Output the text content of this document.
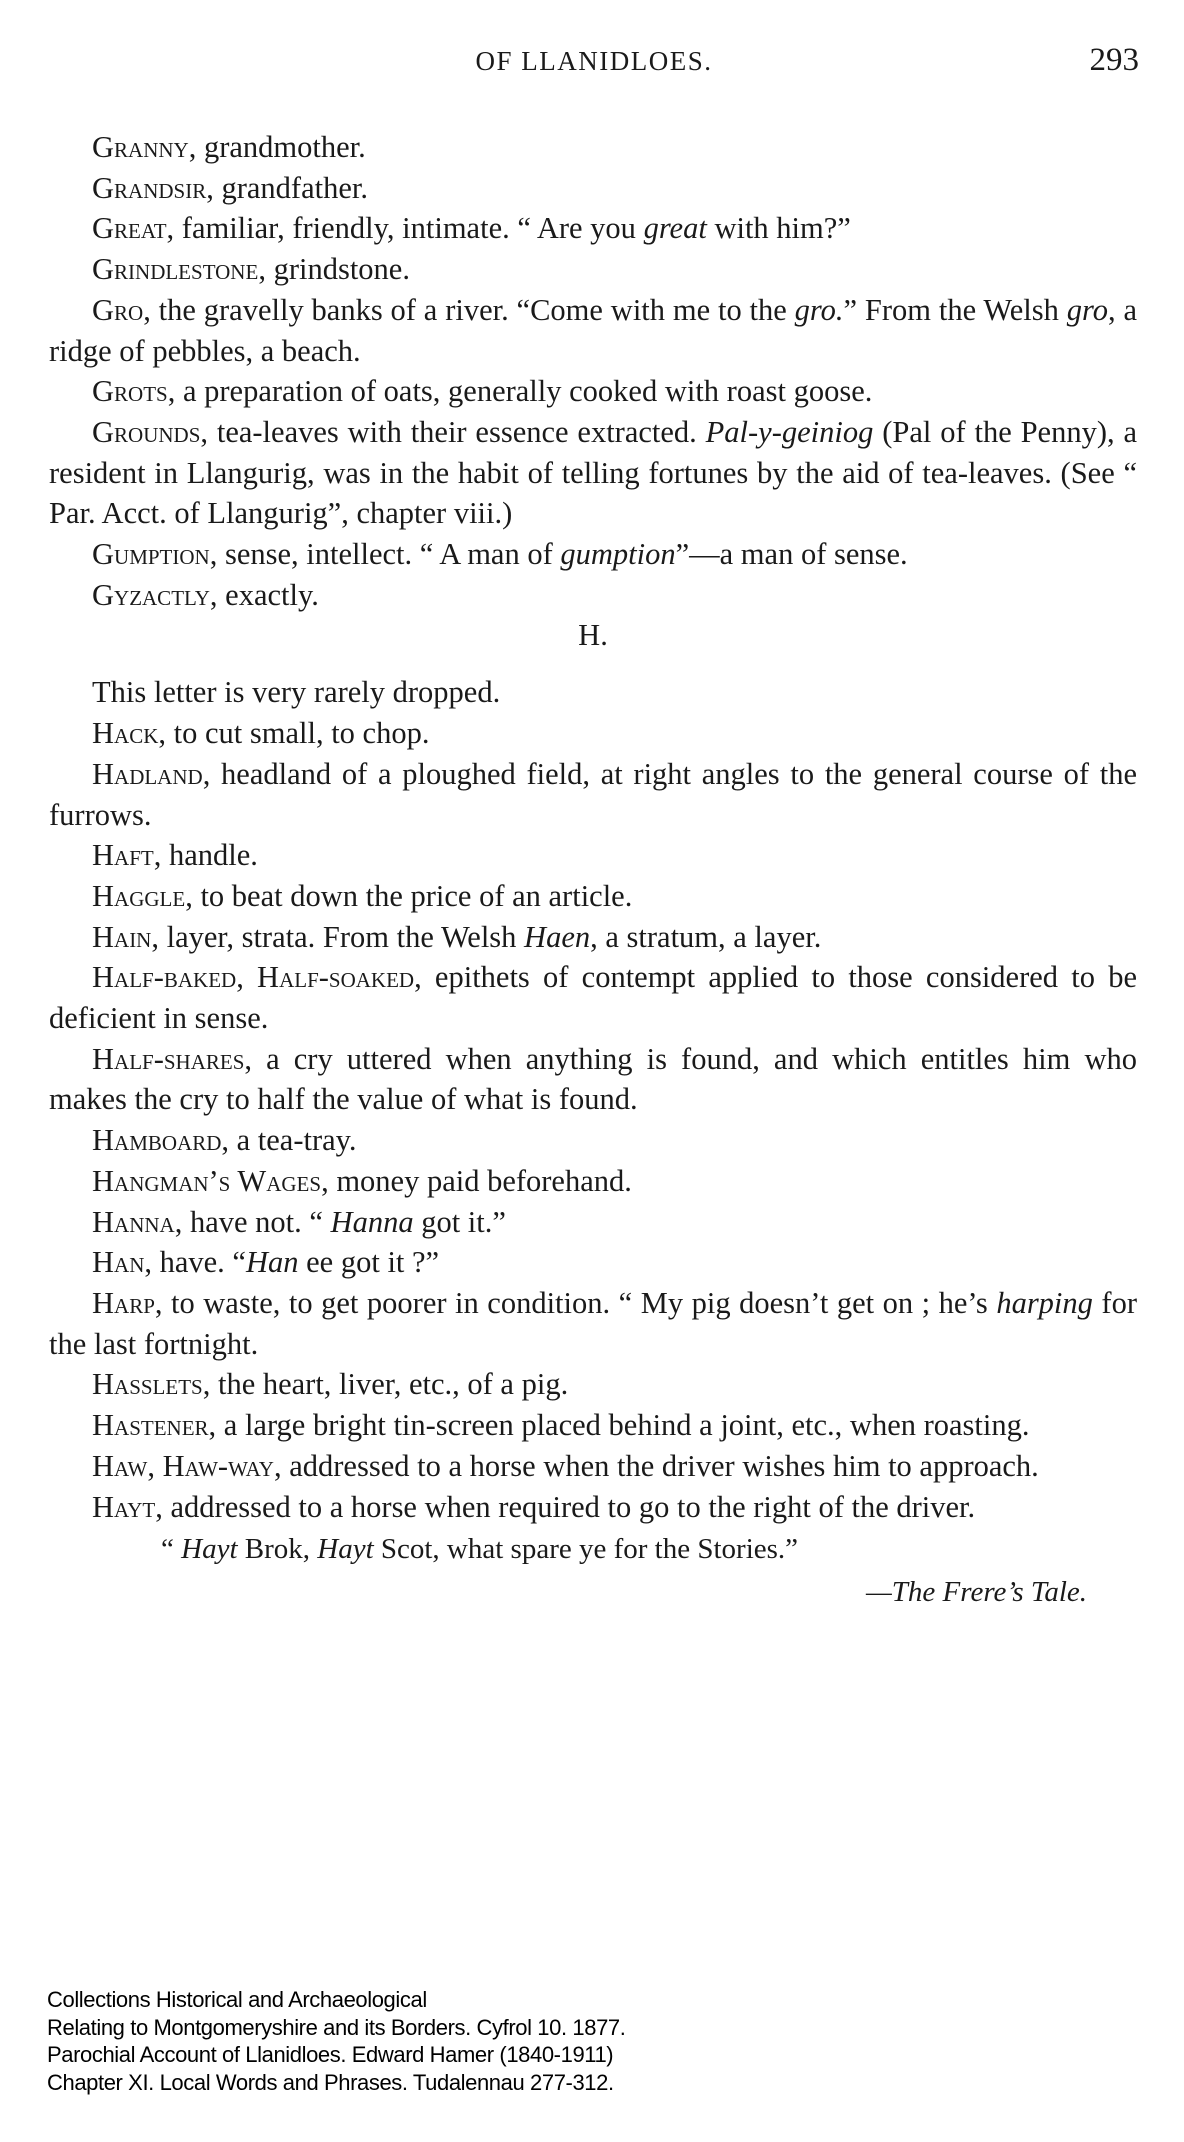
OF LLANIDLOES.	293

Granny, grandmother.

Grandsir, grandfather.

Great, familiar, friendly, intimate. “ Are you great with him?”

Grindlestone, grindstone.

Gro, the gravelly banks of a river. “Come with me to the gro.” From the Welsh gro, a ridge of pebbles, a beach.

Grots, a preparation of oats, generally cooked with roast goose.

Grounds, tea-leaves with their essence extracted. Pal-y-geiniog (Pal of the Penny), a resident in Llangurig, was in the habit of telling fortunes by the aid of tea-leaves. (See “ Par. Acct. of Llangurig”, chapter viii.)

Gumption, sense, intellect. “ A man of gumption”—a man of sense.

Gyzactly, exactly.

H.

This letter is very rarely dropped.

Hack, to cut small, to chop.

Hadland, headland of a ploughed field, at right angles to the general course of the furrows.

Haft, handle.

Haggle, to beat down the price of an article.

Hain, layer, strata. From the Welsh Haen, a stratum, a layer.

Half-baked, Half-soaked, epithets of contempt applied to those considered to be deficient in sense.

Half-shares, a cry uttered when anything is found, and which entitles him who makes the cry to half the value of what is found.

Hamboard, a tea-tray.

Hangman’s Wages, money paid beforehand.

Hanna, have not. “ Hanna got it.”

Han, have. “Han ee got it ?”

Harp, to waste, to get poorer in condition. “ My pig doesn’t get on ; he’s harping for the last fortnight.

Hasslets, the heart, liver, etc., of a pig.

Hastener, a large bright tin-screen placed behind a joint, etc., when roasting.

Haw, Haw-way, addressed to a horse when the driver wishes him to approach.

Hayt, addressed to a horse when required to go to the right of the driver.

“ Hayt Brok, Hayt Scot, what spare ye for the Stories.”

—The Frere’s Tale.

Collections Historical and Archaeological
Relating to Montgomeryshire and its Borders. Cyfrol 10. 1877.
Parochial Account of Llanidloes. Edward Hamer (1840-1911)
Chapter XI. Local Words and Phrases. Tudalennau 277-312.
